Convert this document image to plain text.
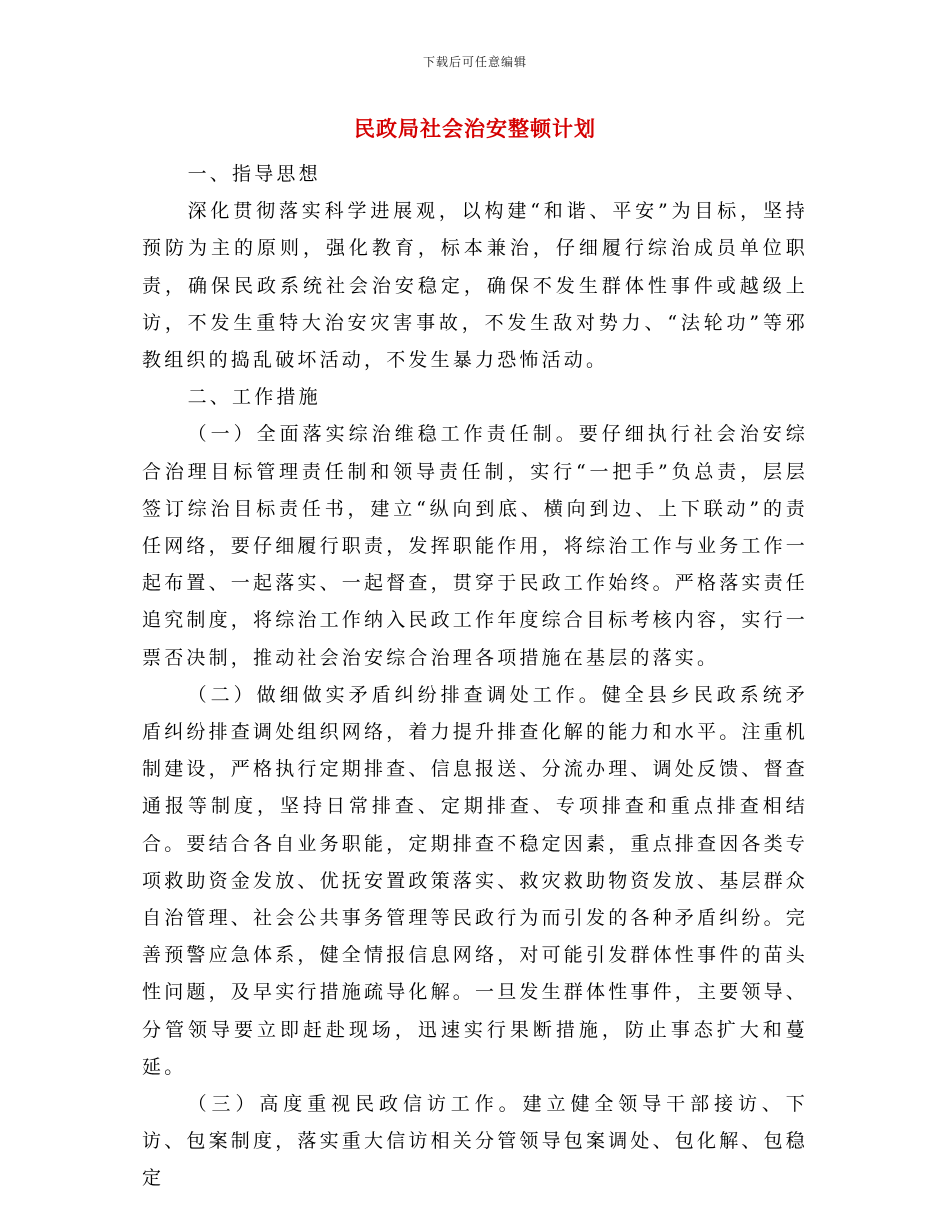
下载后可任意编辑
民政局社会治安整顿计划

一、指导思想

深化贯彻落实科学进展观，以构建“和谐、平安”为目标，坚持预防为主的原则，强化教育，标本兼治，仔细履行综治成员单位职责，确保民政系统社会治安稳定，确保不发生群体性事件或越级上访，不发生重特大治安灾害事故，不发生敌对势力、“法轮功”等邪教组织的捣乱破坏活动，不发生暴力恐怖活动。

二、工作措施

（一）全面落实综治维稳工作责任制。要仔细执行社会治安综合治理目标管理责任制和领导责任制，实行“一把手”负总责，层层签订综治目标责任书，建立“纵向到底、横向到边、上下联动”的责任网络，要仔细履行职责，发挥职能作用，将综治工作与业务工作一起布置、一起落实、一起督查，贯穿于民政工作始终。严格落实责任追究制度，将综治工作纳入民政工作年度综合目标考核内容，实行一票否决制，推动社会治安综合治理各项措施在基层的落实。

（二）做细做实矛盾纠纷排查调处工作。健全县乡民政系统矛盾纠纷排查调处组织网络，着力提升排查化解的能力和水平。注重机制建设，严格执行定期排查、信息报送、分流办理、调处反馈、督查通报等制度，坚持日常排查、定期排查、专项排查和重点排查相结合。要结合各自业务职能，定期排查不稳定因素，重点排查因各类专项救助资金发放、优抚安置政策落实、救灾救助物资发放、基层群众自治管理、社会公共事务管理等民政行为而引发的各种矛盾纠纷。完善预警应急体系，健全情报信息网络，对可能引发群体性事件的苗头性问题，及早实行措施疏导化解。一旦发生群体性事件，主要领导、分管领导要立即赶赴现场，迅速实行果断措施，防止事态扩大和蔓延。

（三）高度重视民政信访工作。建立健全领导干部接访、下访、包案制度，落实重大信访相关分管领导包案调处、包化解、包稳定
